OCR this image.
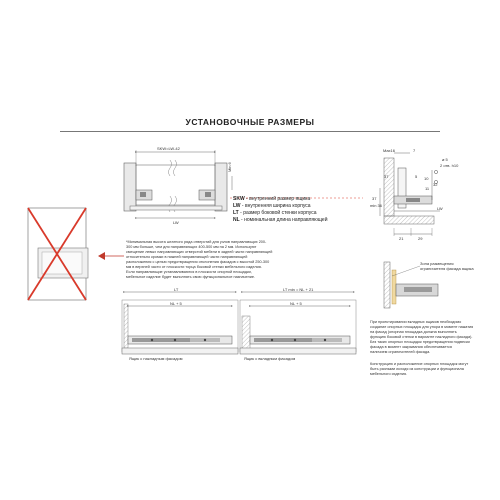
УСТАНОВОЧНЫЕ РАЗМЕРЫ
SKW=LW-42
Min 6
LW
SKW - внутренний размер ящика
LW - внутренняя ширина корпуса
LT - размер боковой стенки корпуса
NL - номинальная длина направляющей
*Минимальная высота штатного ряда отверстий для узлов направляющих 200-
300 мм больше, чем для направляющих 400-500 мм на 2 мм. Используют
смещение левых направляющих отверстий мебели в задней части направляющей
относительно кромки в нижней направляющей части направляющей
расположения с целью предотвращения отклонения фасадов с высотой 250-300
мм в верхней части от плоскости торца боковой стенки мебельного изделия.
Если направляющие устанавливаются в плоскости опорной площадки,
мебельное изделие будет выполнять свою функциональное назначение.
Max16	7
ø 5
2 отв. h10
37	5 10
11
32
LW
37
min 36
21	29
Зона размещения
ограничителя фасада ящика
LT
NL + 5
Ящик с накладным фасадом
LT min = NL + 21
NL + 5
Ящик с вкладным фасадом
При проектировании вкладных ящиков необходимо
создание опорных площадок для упора в момент нажатия
на фасад (опорная площадка должна выполнять
функцию боковой стенки в варианте накладного фасада).
Без таких опорных площадок предотвращения подвески
фасада в момент закрывания обеспечивается
наличием ограничителей фасада.
Конструкцию и расположение опорных площадок могут
быть разными исходя из конструкции и функционала
мебельного изделия.
